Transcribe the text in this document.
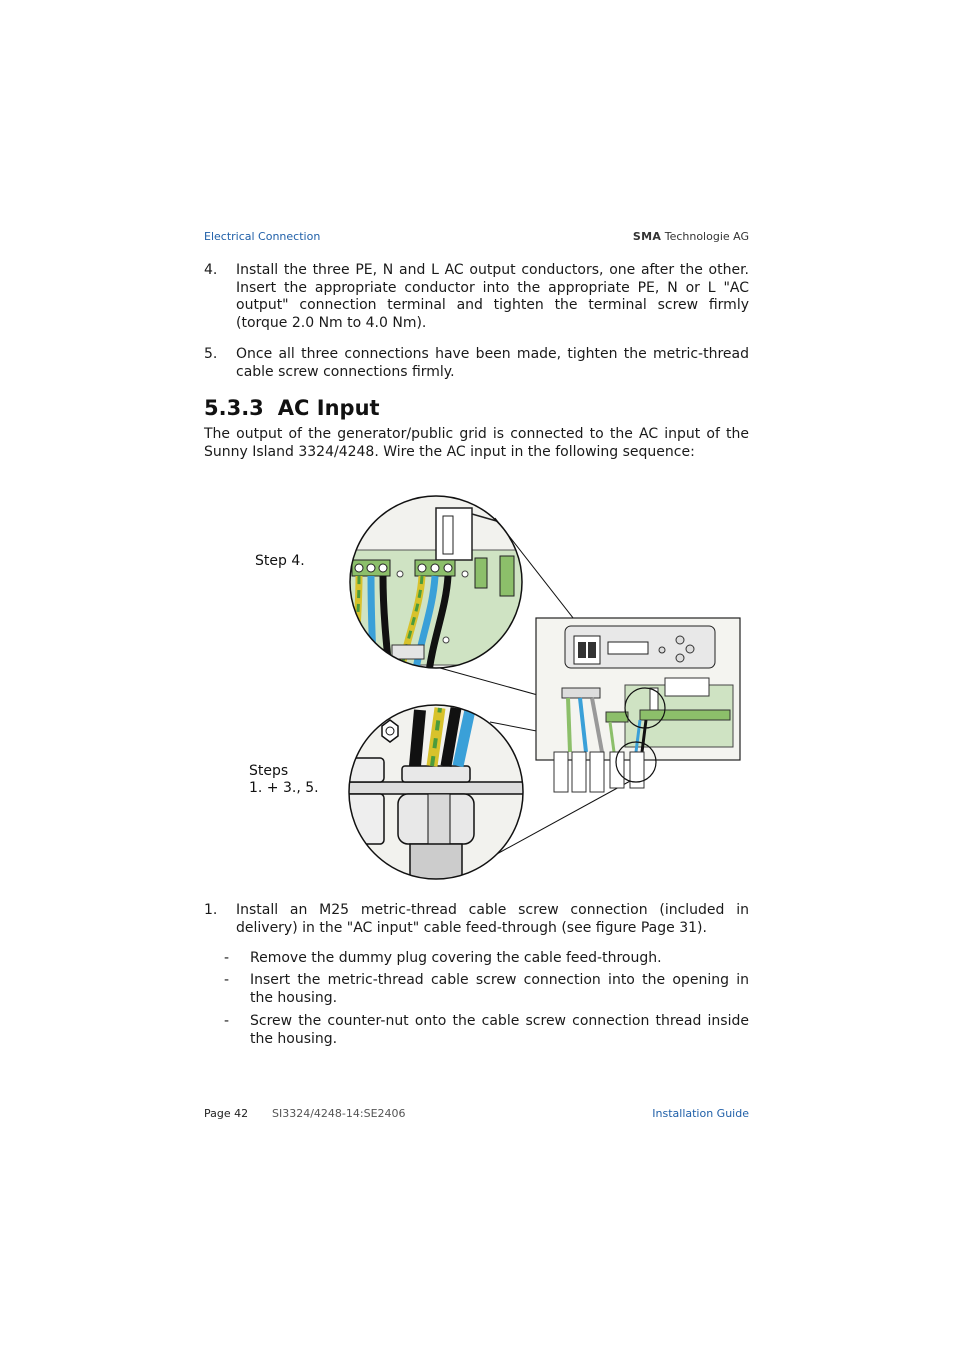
Electrical Connection	SMA Technologie AG
4. Install the three PE, N and L AC output conductors, one after the other. Insert the appropriate conductor into the appropriate PE, N or L "AC output" connection terminal and tighten the terminal screw firmly (torque 2.0 Nm to 4.0 Nm).
5. Once all three connections have been made, tighten the metric-thread cable screw connections firmly.
5.3.3 AC Input
The output of the generator/public grid is connected to the AC input of the Sunny Island 3324/4248. Wire the AC input in the following sequence:
Step 4.
Steps
1. + 3., 5.
1. Install an M25 metric-thread cable screw connection (included in delivery) in the "AC input" cable feed-through (see figure Page 31).
- Remove the dummy plug covering the cable feed-through.
- Insert the metric-thread cable screw connection into the opening in the housing.
- Screw the counter-nut onto the cable screw connection thread inside the housing.
Page 42 SI3324/4248-14:SE2406	Installation Guide
